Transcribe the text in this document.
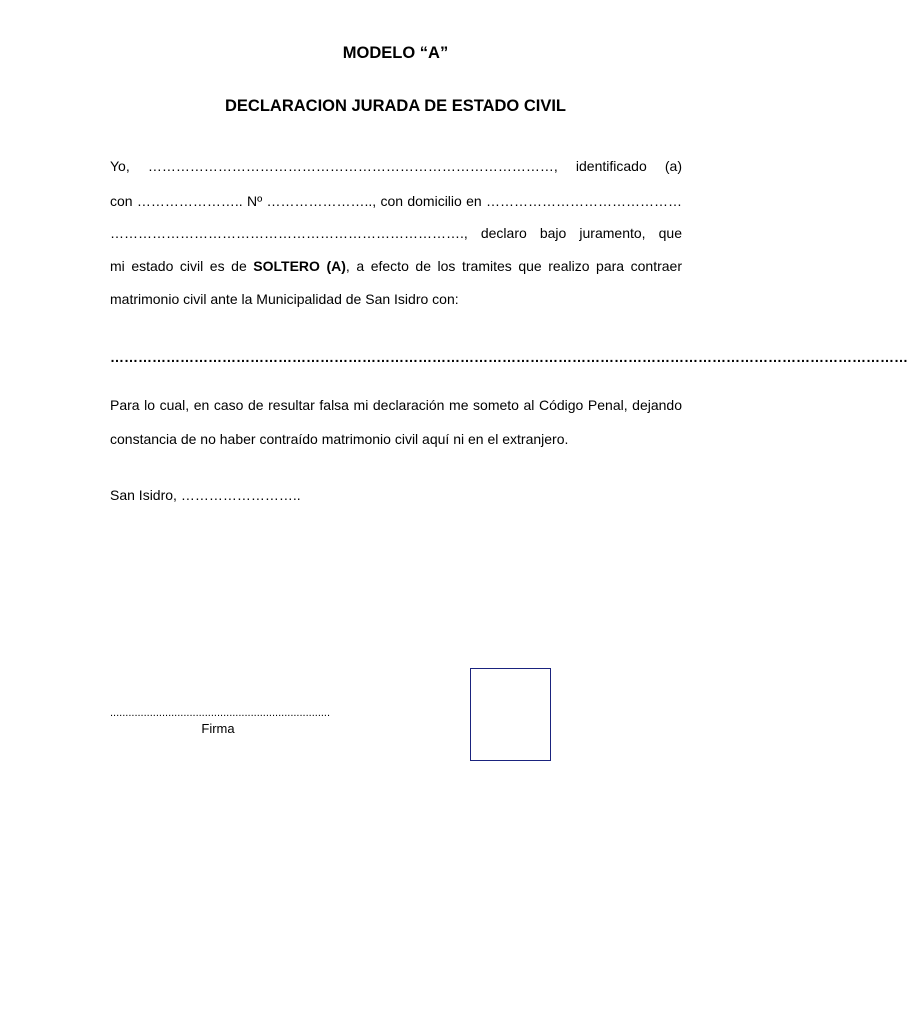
MODELO “A”
DECLARACION JURADA DE ESTADO CIVIL
Yo, ……………………………………………………………………………, identificado (a)
con ………………….. Nº ………………….., con domicilio en ……………………………………
…………………………………………………………………., declaro bajo juramento, que
mi estado civil es de SOLTERO (A), a efecto de los tramites que realizo para contraer
matrimonio civil ante la Municipalidad de San Isidro con:
………………………………………………………………………………………………………………………………………………………
Para lo cual, en caso de resultar falsa mi declaración me someto al Código Penal, dejando
constancia de no haber contraído matrimonio civil aquí ni en el extranjero.
San Isidro, ……………………..
........................................................................
Firma
